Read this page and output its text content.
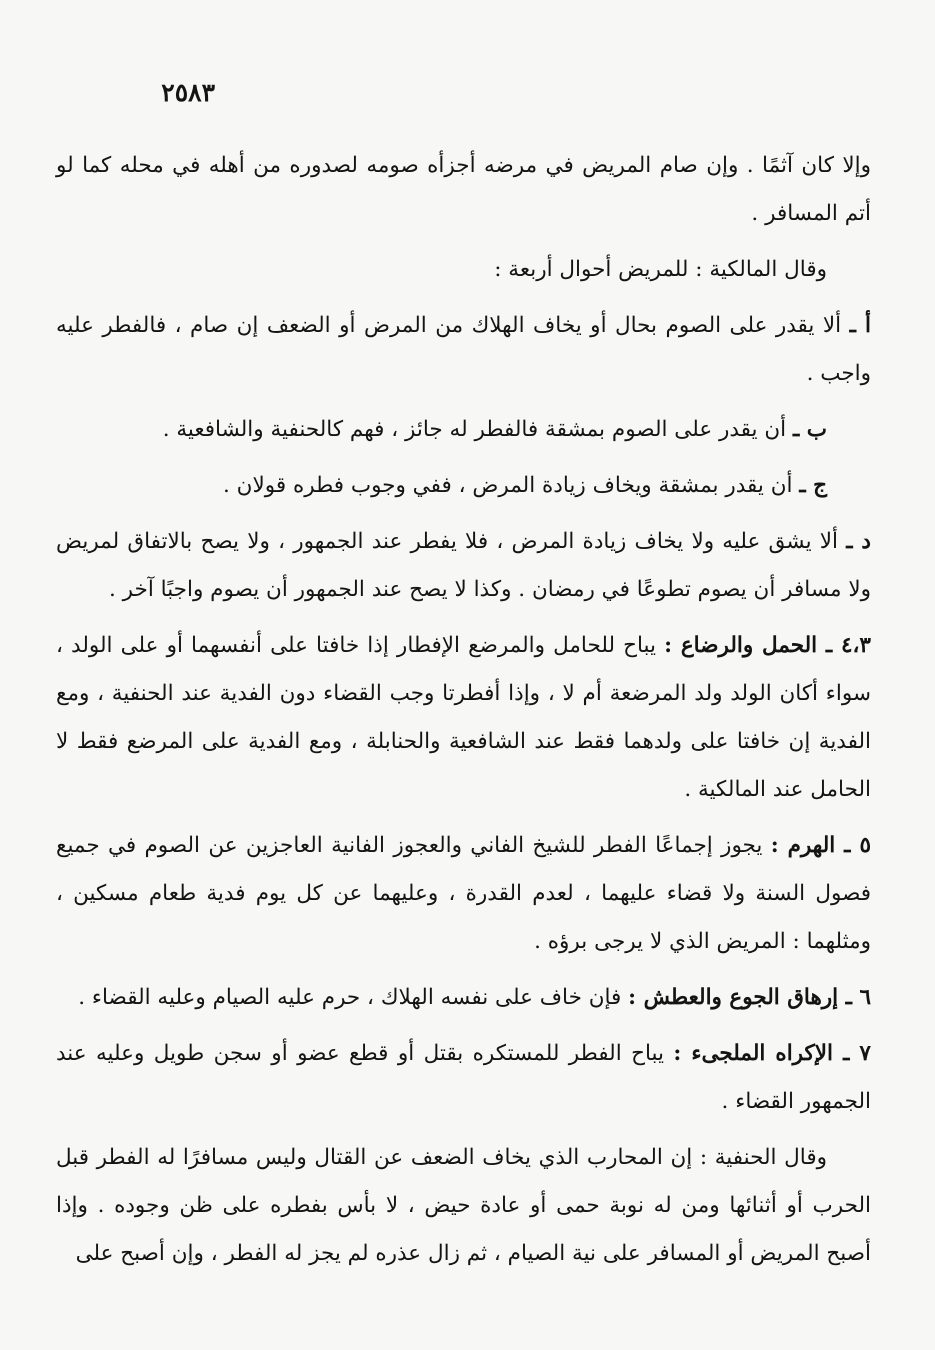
٢٥٨٣

وإلا كان آثمًا . وإن صام المريض في مرضه أجزأه صومه لصدوره من أهله في محله كما لو أتم المسافر .

وقال المالكية : للمريض أحوال أربعة :

أ ـ ألا يقدر على الصوم بحال أو يخاف الهلاك من المرض أو الضعف إن صام ، فالفطر عليه واجب .

ب ـ أن يقدر على الصوم بمشقة فالفطر له جائز ، فهم كالحنفية والشافعية .

ج ـ أن يقدر بمشقة ويخاف زيادة المرض ، ففي وجوب فطره قولان .

د ـ ألا يشق عليه ولا يخاف زيادة المرض ، فلا يفطر عند الجمهور ، ولا يصح بالاتفاق لمريض ولا مسافر أن يصوم تطوعًا في رمضان . وكذا لا يصح عند الجمهور أن يصوم واجبًا آخر .

٤،٣ ـ الحمل والرضاع : يباح للحامل والمرضع الإفطار إذا خافتا على أنفسهما أو على الولد ، سواء أكان الولد ولد المرضعة أم لا ، وإذا أفطرتا وجب القضاء دون الفدية عند الحنفية ، ومع الفدية إن خافتا على ولدهما فقط عند الشافعية والحنابلة ، ومع الفدية على المرضع فقط لا الحامل عند المالكية .

٥ ـ الهرم : يجوز إجماعًا الفطر للشيخ الفاني والعجوز الفانية العاجزين عن الصوم في جميع فصول السنة ولا قضاء عليهما ، لعدم القدرة ، وعليهما عن كل يوم فدية طعام مسكين ، ومثلهما : المريض الذي لا يرجى برؤه .

٦ ـ إرهاق الجوع والعطش : فإن خاف على نفسه الهلاك ، حرم عليه الصيام وعليه القضاء .

٧ ـ الإكراه الملجىء : يباح الفطر للمستكره بقتل أو قطع عضو أو سجن طويل وعليه عند الجمهور القضاء .

وقال الحنفية : إن المحارب الذي يخاف الضعف عن القتال وليس مسافرًا له الفطر قبل الحرب أو أثنائها ومن له نوبة حمى أو عادة حيض ، لا بأس بفطره على ظن وجوده . وإذا أصبح المريض أو المسافر على نية الصيام ، ثم زال عذره لم يجز له الفطر ، وإن أصبح على
